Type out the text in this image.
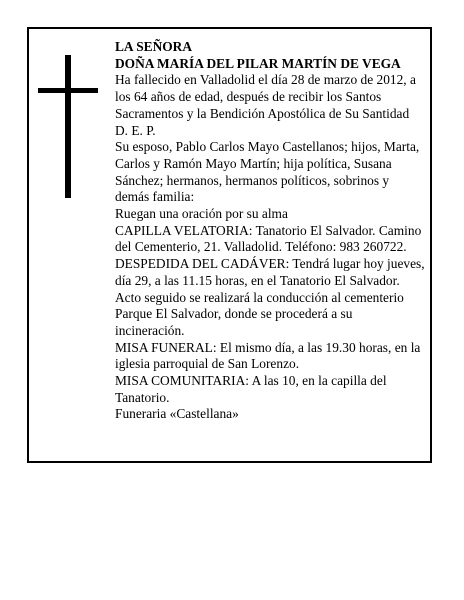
LA SEÑORA

DOÑA MARÍA DEL PILAR MARTÍN DE VEGA

Ha fallecido en Valladolid el día 28 de marzo de 2012, a los 64 años de edad, después de recibir los Santos Sacramentos y la Bendición Apostólica de Su Santidad D. E. P.

Su esposo, Pablo Carlos Mayo Castellanos; hijos, Marta, Carlos y Ramón Mayo Martín; hija política, Susana Sánchez; hermanos, hermanos políticos, sobrinos y demás familia:

Ruegan una oración por su alma

CAPILLA VELATORIA: Tanatorio El Salvador. Camino del Cementerio, 21. Valladolid. Teléfono: 983 260722.

DESPEDIDA DEL CADÁVER: Tendrá lugar hoy jueves, día 29, a las 11.15 horas, en el Tanatorio El Salvador. Acto seguido se realizará la conducción al cementerio Parque El Salvador, donde se procederá a su incineración.

MISA FUNERAL: El mismo día, a las 19.30 horas, en la iglesia parroquial de San Lorenzo.

MISA COMUNITARIA: A las 10, en la capilla del Tanatorio.

Funeraria «Castellana»
